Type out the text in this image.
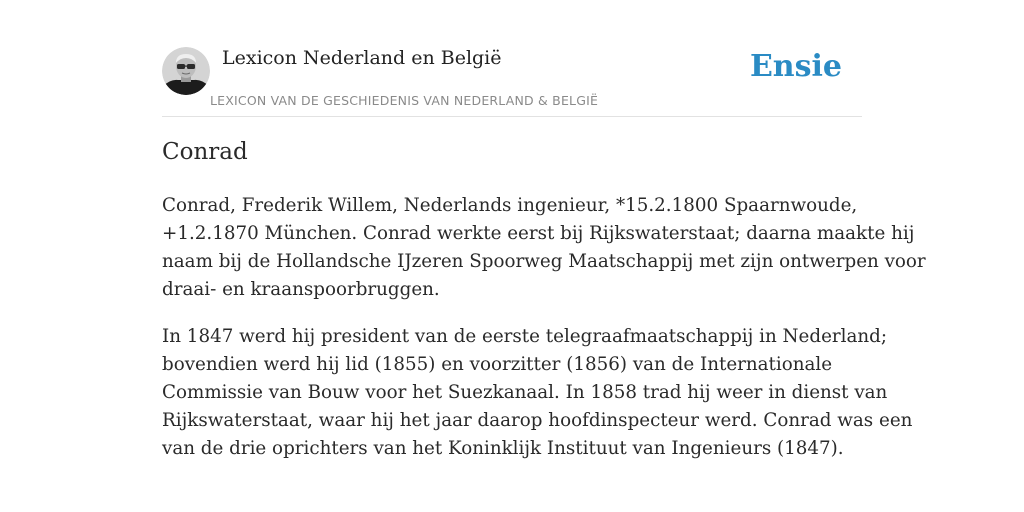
Lexicon Nederland en België
LEXICON VAN DE GESCHIEDENIS VAN NEDERLAND & BELGIË
Ensie
Conrad

Conrad, Frederik Willem, Nederlands ingenieur, *15.2.1800 Spaarnwoude,
+1.2.1870 München. Conrad werkte eerst bij Rijkswaterstaat; daarna maakte hij
naam bij de Hollandsche IJzeren Spoorweg Maatschappij met zijn ontwerpen voor
draai- en kraanspoorbruggen.

In 1847 werd hij president van de eerste telegraafmaatschappij in Nederland;
bovendien werd hij lid (1855) en voorzitter (1856) van de Internationale
Commissie van Bouw voor het Suezkanaal. In 1858 trad hij weer in dienst van
Rijkswaterstaat, waar hij het jaar daarop hoofdinspecteur werd. Conrad was een
van de drie oprichters van het Koninklijk Instituut van Ingenieurs (1847).
